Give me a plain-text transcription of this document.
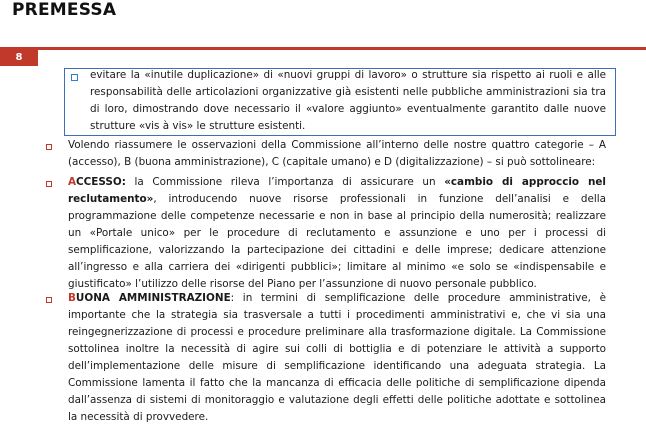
PREMESSA
8
evitare la «inutile duplicazione» di «nuovi gruppi di lavoro» o strutture sia rispetto ai ruoli e alle responsabilità delle articolazioni organizzative già esistenti nelle pubbliche amministrazioni sia tra di loro, dimostrando dove necessario il «valore aggiunto» eventualmente garantito dalle nuove strutture «vis à vis» le strutture esistenti.
Volendo riassumere le osservazioni della Commissione all’interno delle nostre quattro categorie – A (accesso), B (buona amministrazione), C (capitale umano) e D (digitalizzazione) – si può sottolineare:
ACCESSO: la Commissione rileva l’importanza di assicurare un «cambio di approccio nel reclutamento», introducendo nuove risorse professionali in funzione dell’analisi e della programmazione delle competenze necessarie e non in base al principio della numerosità; realizzare un «Portale unico» per le procedure di reclutamento e assunzione e uno per i processi di semplificazione, valorizzando la partecipazione dei cittadini e delle imprese; dedicare attenzione all’ingresso e alla carriera dei «dirigenti pubblici»; limitare al minimo «e solo se «indispensabile e giustificato» l’utilizzo delle risorse del Piano per l’assunzione di nuovo personale pubblico.
BUONA AMMINISTRAZIONE: in termini di semplificazione delle procedure amministrative, è importante che la strategia sia trasversale a tutti i procedimenti amministrativi e, che vi sia una reingegnerizzazione di processi e procedure preliminare alla trasformazione digitale. La Commissione sottolinea inoltre la necessità di agire sui colli di bottiglia e di potenziare le attività a supporto dell’implementazione delle misure di semplificazione identificando una adeguata strategia. La Commissione lamenta il fatto che la mancanza di efficacia delle politiche di semplificazione dipenda dall’assenza di sistemi di monitoraggio e valutazione degli effetti delle politiche adottate e sottolinea la necessità di provvedere.
